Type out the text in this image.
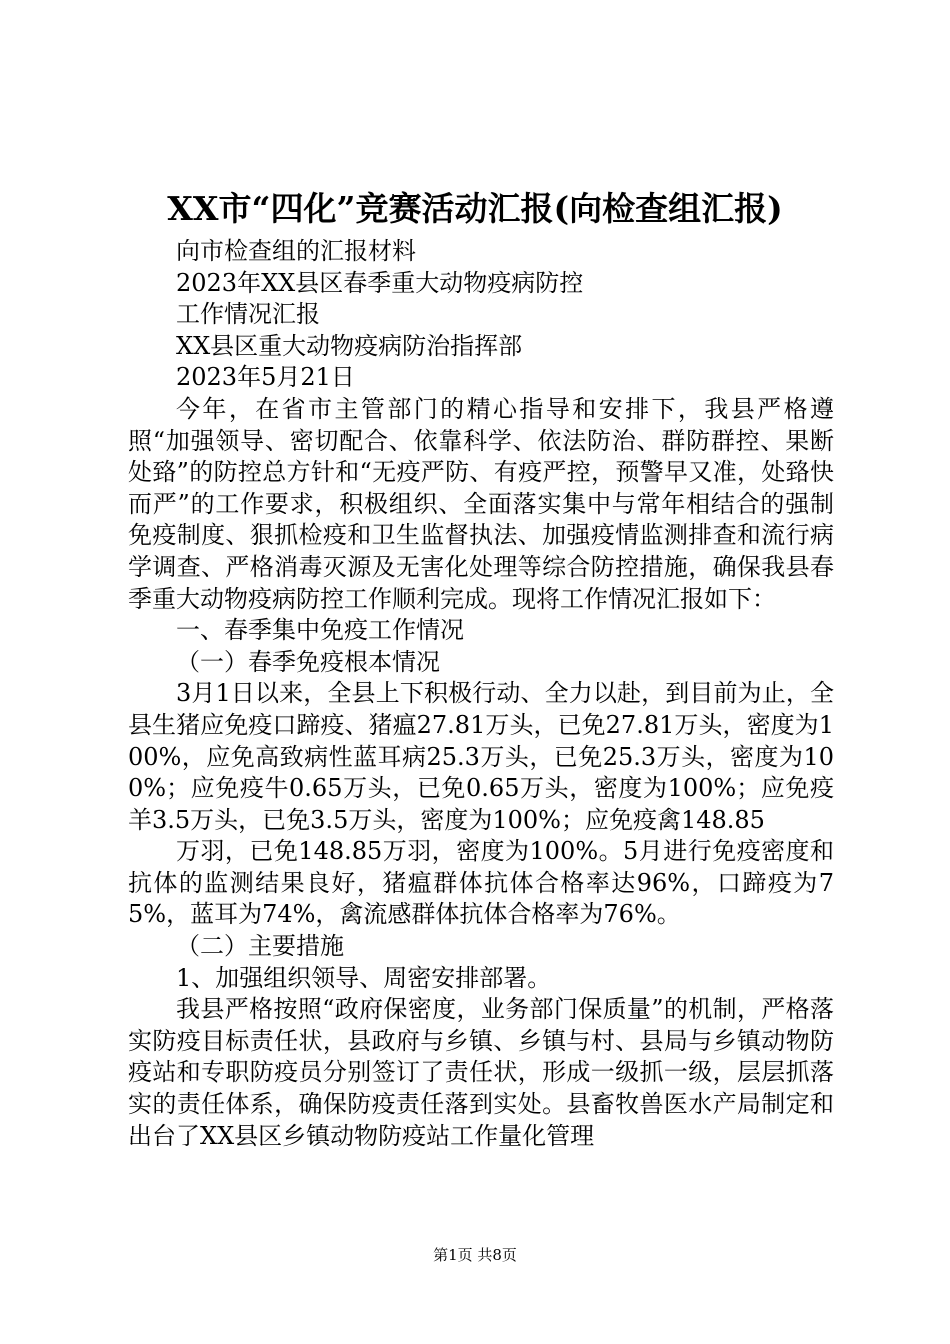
XX市“四化”竞赛活动汇报(向检查组汇报)

向市检查组的汇报材料

2023年XX县区春季重大动物疫病防控

工作情况汇报

XX县区重大动物疫病防治指挥部

2023年5月21日

今年，在省市主管部门的精心指导和安排下，我县严格遵照“加强领导、密切配合、依靠科学、依法防治、群防群控、果断处臵”的防控总方针和“无疫严防、有疫严控，预警早又准，处臵快而严”的工作要求，积极组织、全面落实集中与常年相结合的强制免疫制度、狠抓检疫和卫生监督执法、加强疫情监测排查和流行病学调查、严格消毒灭源及无害化处理等综合防控措施，确保我县春季重大动物疫病防控工作顺利完成。现将工作情况汇报如下：

一、春季集中免疫工作情况

（一）春季免疫根本情况

3月1日以来，全县上下积极行动、全力以赴，到目前为止，全县生猪应免疫口蹄疫、猪瘟27.81万头，已免27.81万头，密度为100%，应免高致病性蓝耳病25.3万头，已免25.3万头，密度为100%；应免疫牛0.65万头，已免0.65万头，密度为100%；应免疫羊3.5万头，已免3.5万头，密度为100%；应免疫禽148.85

万羽，已免148.85万羽，密度为100%。5月进行免疫密度和抗体的监测结果良好，猪瘟群体抗体合格率达96%，口蹄疫为75%，蓝耳为74%，禽流感群体抗体合格率为76%。

（二）主要措施

1、加强组织领导、周密安排部署。

我县严格按照“政府保密度，业务部门保质量”的机制，严格落实防疫目标责任状，县政府与乡镇、乡镇与村、县局与乡镇动物防疫站和专职防疫员分别签订了责任状，形成一级抓一级，层层抓落实的责任体系，确保防疫责任落到实处。县畜牧兽医水产局制定和出台了XX县区乡镇动物防疫站工作量化管理

第1页 共8页
